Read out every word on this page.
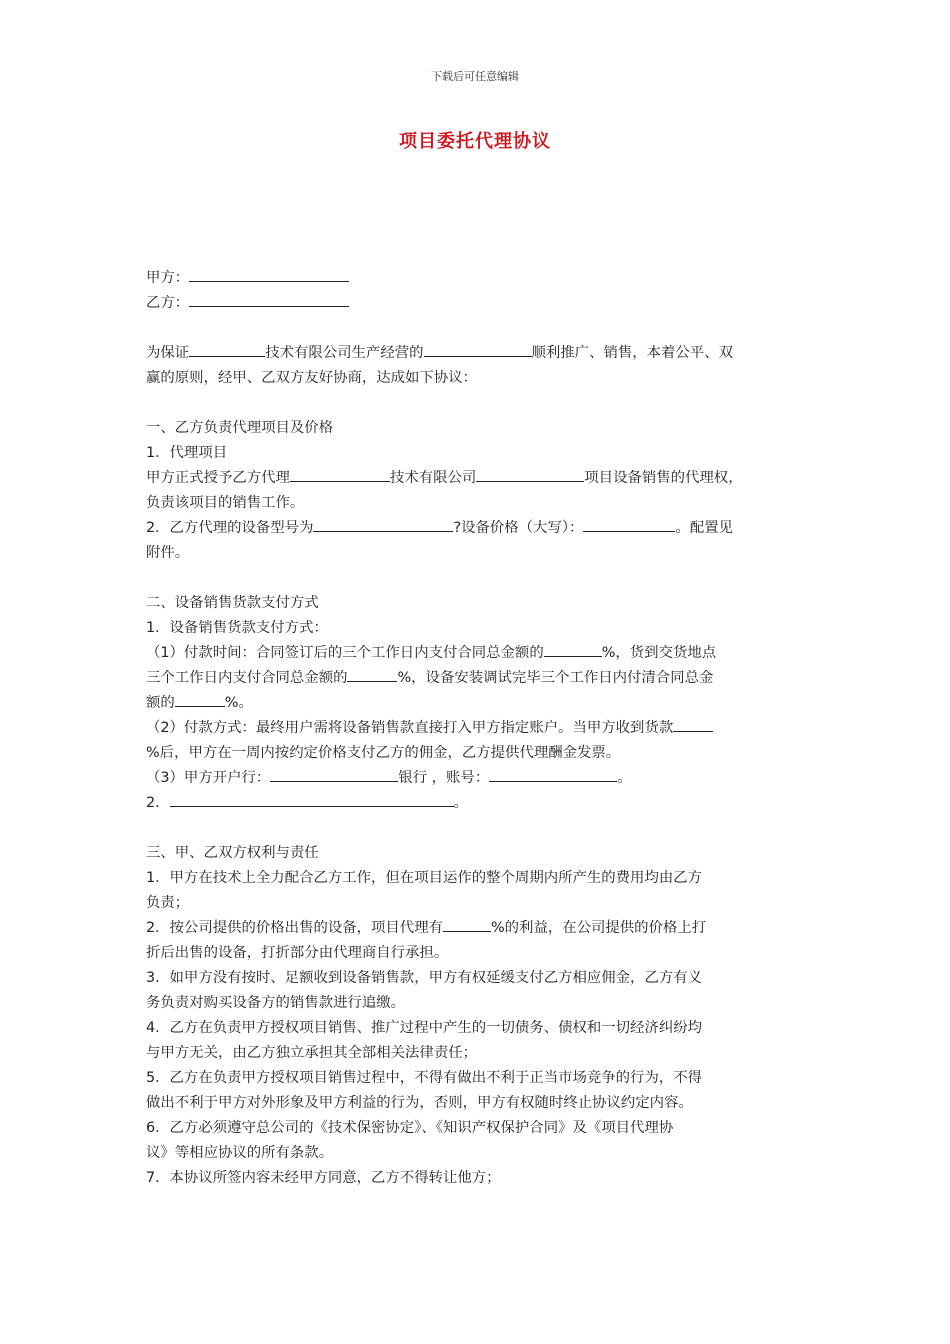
下载后可任意编辑
项目委托代理协议
甲方：
乙方：
为保证	技术有限公司生产经营的	顺利推广、销售，本着公平、双
赢的原则，经甲、乙双方友好协商，达成如下协议：
一、乙方负责代理项目及价格
1．代理项目
甲方正式授予乙方代理	技术有限公司	项目设备销售的代理权，
负责该项目的销售工作。
2．乙方代理的设备型号为	?设备价格（大写）：	。配置见
附件。
二、设备销售货款支付方式
1．设备销售货款支付方式：
（1）付款时间：合同签订后的三个工作日内支付合同总金额的	%，货到交货地点
三个工作日内支付合同总金额的	%，设备安装调试完毕三个工作日内付清合同总金
额的	%。
（2）付款方式：最终用户需将设备销售款直接打入甲方指定账户。当甲方收到货款
%后，甲方在一周内按约定价格支付乙方的佣金，乙方提供代理酬金发票。
（3）甲方开户行：	银行 ，账号：	。
2．	。
三、甲、乙双方权利与责任
1．甲方在技术上全力配合乙方工作，但在项目运作的整个周期内所产生的费用均由乙方
负责；
2．按公司提供的价格出售的设备，项目代理有	%的利益，在公司提供的价格上打
折后出售的设备，打折部分由代理商自行承担。
3．如甲方没有按时、足额收到设备销售款，甲方有权延缓支付乙方相应佣金，乙方有义
务负责对购买设备方的销售款进行追缴。
4．乙方在负责甲方授权项目销售、推广过程中产生的一切债务、债权和一切经济纠纷均
与甲方无关，由乙方独立承担其全部相关法律责任；
5．乙方在负责甲方授权项目销售过程中，不得有做出不利于正当市场竞争的行为，不得
做出不利于甲方对外形象及甲方利益的行为，否则，甲方有权随时终止协议约定内容。
6．乙方必须遵守总公司的《技术保密协定》、《知识产权保护合同》及《项目代理协
议》等相应协议的所有条款。
7．本协议所签内容未经甲方同意，乙方不得转让他方；
